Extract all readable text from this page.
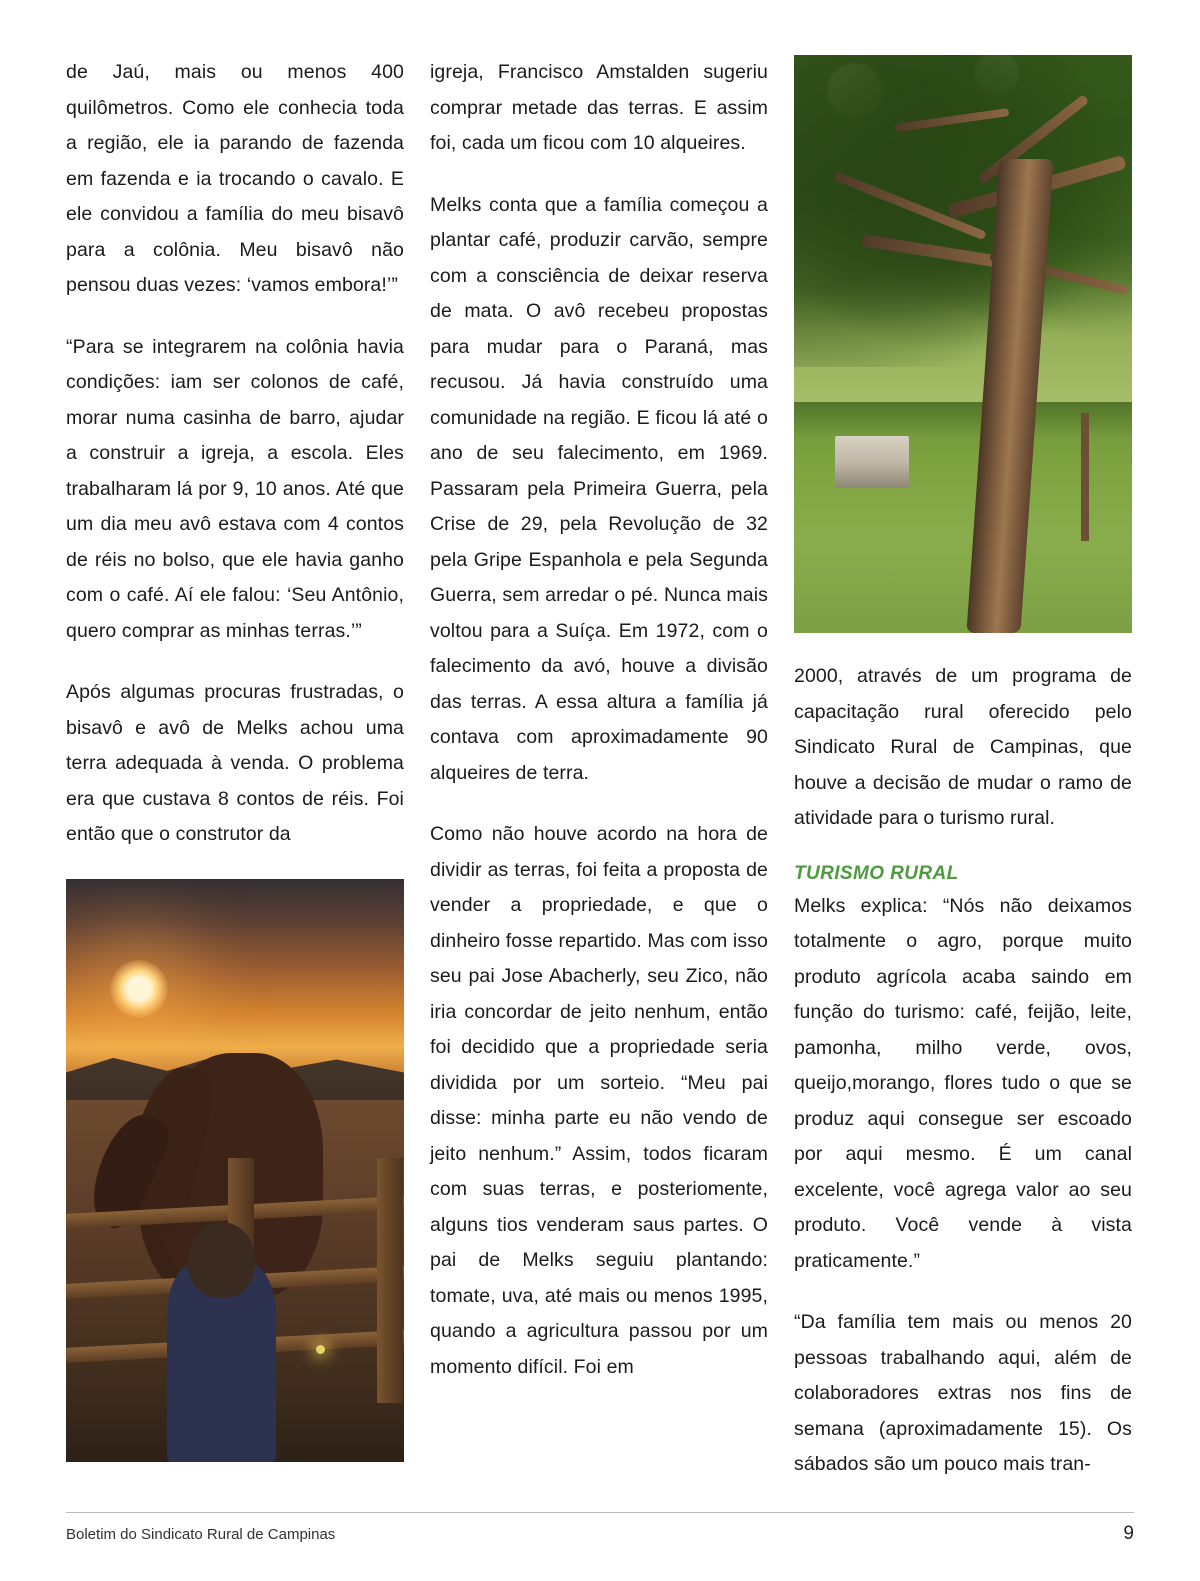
de Jaú, mais ou menos 400 quilômetros. Como ele conhecia toda a região, ele ia parando de fazenda em fazenda e ia trocando o cavalo. E ele convidou a família do meu bisavô para a colônia. Meu bisavô não pensou duas vezes: ‘vamos embora!’”

“Para se integrarem na colônia havia condições: iam ser colonos de café, morar numa casinha de barro, ajudar a construir a igreja, a escola. Eles trabalharam lá por 9, 10 anos. Até que um dia meu avô estava com 4 contos de réis no bolso, que ele havia ganho com o café. Aí ele falou: ‘Seu Antônio, quero comprar as minhas terras.’”

Após algumas procuras frustradas, o bisavô e avô de Melks achou uma terra adequada à venda. O problema era que custava 8 contos de réis. Foi então que o construtor da

igreja, Francisco Amstalden sugeriu comprar metade das terras. E assim foi, cada um ficou com 10 alqueires.

Melks conta que a família começou a plantar café, produzir carvão, sempre com a consciência de deixar reserva de mata. O avô recebeu propostas para mudar para o Paraná, mas recusou. Já havia construído uma comunidade na região. E ficou lá até o ano de seu falecimento, em 1969. Passaram pela Primeira Guerra, pela Crise de 29, pela Revolução de 32 pela Gripe Espanhola e pela Segunda Guerra, sem arredar o pé. Nunca mais voltou para a Suíça. Em 1972, com o falecimento da avó, houve a divisão das terras. A essa altura a família já contava com aproximadamente 90 alqueires de terra.

Como não houve acordo na hora de dividir as terras, foi feita a proposta de vender a propriedade, e que o dinheiro fosse repartido. Mas com isso seu pai Jose Abacherly, seu Zico, não iria concordar de jeito nenhum, então foi decidido que a propriedade seria dividida por um sorteio. “Meu pai disse: minha parte eu não vendo de jeito nenhum.” Assim, todos ficaram com suas terras, e posteriomente, alguns tios venderam saus partes. O pai de Melks seguiu plantando: tomate, uva, até mais ou menos 1995, quando a agricultura passou por um momento difícil. Foi em

2000, através de um programa de capacitação rural oferecido pelo Sindicato Rural de Campinas, que houve a decisão de mudar o ramo de atividade para o turismo rural.

TURISMO RURAL

Melks explica: “Nós não deixamos totalmente o agro, porque muito produto agrícola acaba saindo em função do turismo: café, feijão, leite, pamonha, milho verde, ovos, queijo,morango, flores tudo o que se produz aqui consegue ser escoado por aqui mesmo. É um canal excelente, você agrega valor ao seu produto. Você vende à vista praticamente.”

“Da família tem mais ou menos 20 pessoas trabalhando aqui, além de colaboradores extras nos fins de semana (aproximadamente 15). Os sábados são um pouco mais tran-

Boletim do Sindicato Rural de Campinas	9
